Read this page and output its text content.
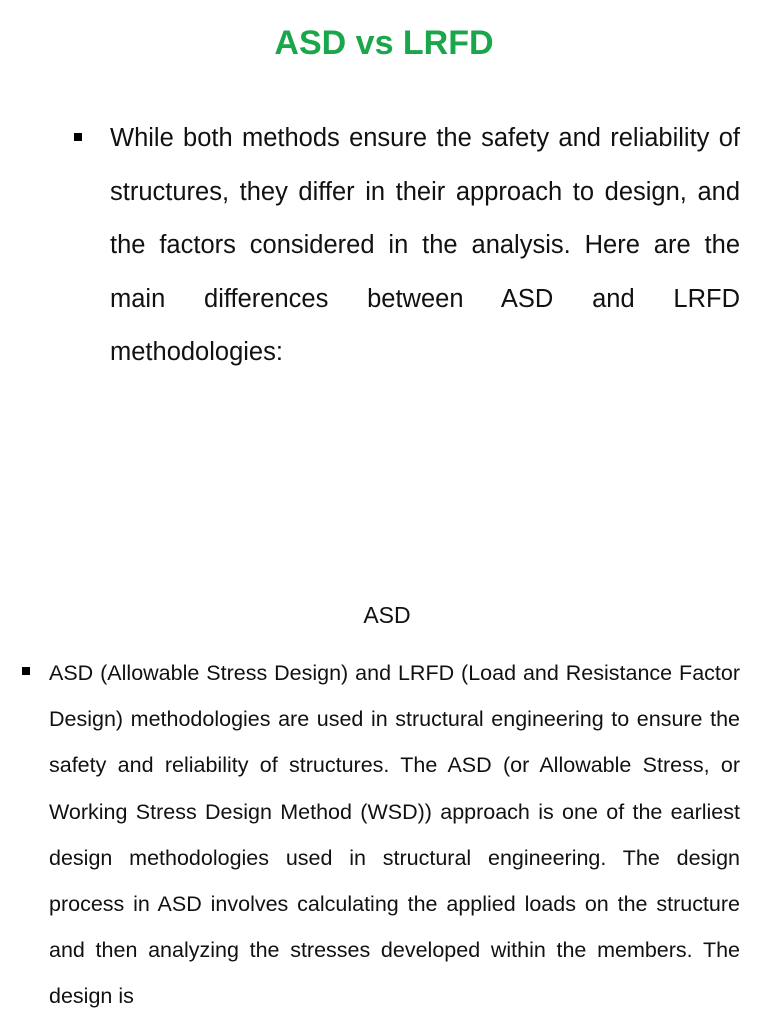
ASD vs LRFD
While both methods ensure the safety and reliability of structures, they differ in their approach to design, and the factors considered in the analysis. Here are the main differences between ASD and LRFD methodologies:
ASD
ASD (Allowable Stress Design) and LRFD (Load and Resistance Factor Design) methodologies are used in structural engineering to ensure the safety and reliability of structures. The ASD (or Allowable Stress, or Working Stress Design Method (WSD)) approach is one of the earliest design methodologies used in structural engineering. The design process in ASD involves calculating the applied loads on the structure and then analyzing the stresses developed within the members. The design is
